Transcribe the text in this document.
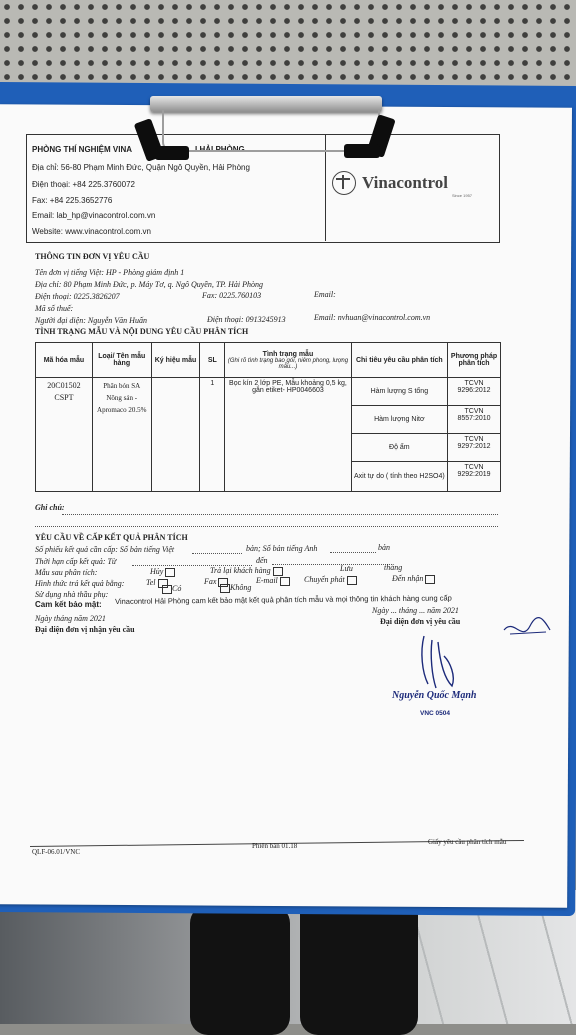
PHÒNG THÍ NGHIỆM VINA	I HẢI PHÒNG
Địa chỉ: 56-80 Phạm Minh Đức, Quận Ngô Quyền, Hải Phòng
Điện thoại: +84 225.3760072
Fax: +84 225.3652776
Email: lab_hp@vinacontrol.com.vn
Website: www.vinacontrol.com.vn
Vinacontrol
Since 1957
THÔNG TIN ĐƠN VỊ YÊU CẦU
Tên đơn vị tiếng Việt: HP - Phòng giám định 1
Địa chỉ: 80 Phạm Minh Đức, p. Máy Tơ, q. Ngô Quyền, TP. Hải Phòng
Điện thoại: 0225.3826207	Fax: 0225.760103	Email:
Mã số thuế:
Người đại diện: Nguyễn Văn Huấn	Điện thoại: 0913245913	Email: nvhuan@vinacontrol.com.vn
TÌNH TRẠNG MẪU VÀ NỘI DUNG YÊU CẦU PHÂN TÍCH
Mã hóa mẫu	Loại/ Tên mẫu hàng	Ký hiệu mẫu	SL	Tình trạng mẫu
(Ghi rõ tình trạng bao gói, niêm phong, lượng mẫu...)	Chỉ tiêu yêu cầu phân tích	Phương pháp phân tích
20C01502 CSPT	Phân bón SA Nông sản - Apromaco 20.5%		1	Bọc kín 2 lớp PE, Mẫu khoảng 0,5 kg, gắn etiket- HP0046603	Hàm lượng S tổng	TCVN 9296:2012
					Hàm lượng Nitơ	TCVN 8557:2010
					Độ ẩm	TCVN 9297:2012
					Axit tự do ( tính theo H2SO4)	TCVN 9292:2019
Ghi chú:
YÊU CẦU VỀ CẤP KẾT QUẢ PHÂN TÍCH
Số phiếu kết quả cần cấp: Số bản tiếng Việt	bản; Số bản tiếng Anh	bản
Thời hạn cấp kết quả: Từ	đến
Mẫu sau phân tích:	Hủy	Trả lại khách hàng	Lưu	tháng
Hình thức trả kết quả bằng:	Tel	Fax	E-mail	Chuyển phát	Đến nhận
Sử dụng nhà thầu phụ:
Có	Không
Cam kết bảo mật: Vinacontrol Hải Phòng cam kết bảo mật kết quả phân tích mẫu và mọi thông tin khách hàng cung cấp
Ngày ... tháng ... năm 2021
Ngày tháng năm 2021	Đại diện đơn vị yêu cầu
Đại diện đơn vị nhận yêu cầu
Nguyễn Quốc Mạnh
VNC 0504
QLF-06.01/VNC
Phiên bản 01.18	Giấy yêu cầu phân tích mẫu
